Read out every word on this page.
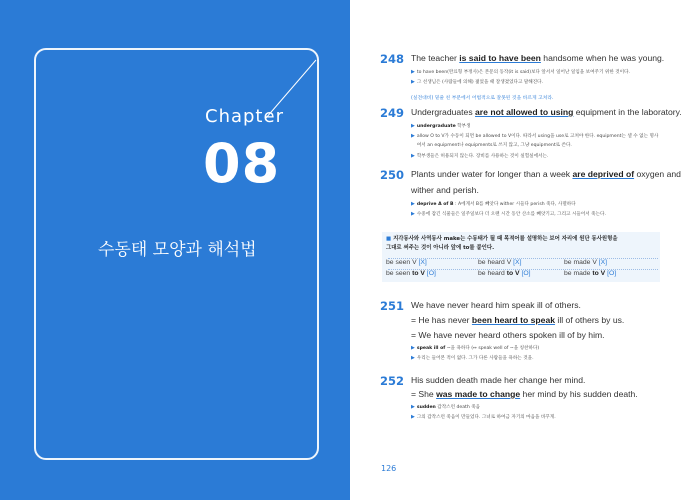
Chapter
08
수동태 모양과 해석법
248 The teacher is said to have been handsome when he was young.
▶ to have been(완료형 부정사)은 본문의 동작(it is said)보다 앞서서 일어난 일임을 보여주기 위한 것이다.
▶ 그 선생님은 (사람들에 의해) 젊었을 때 잘생겼었다고 말해진다.
(실전대비) 밑줄 친 부분에서 어법적으로 잘못된 것을 바르게 고쳐라.
249 Undergraduates are not allowed to using equipment in the laboratory.
▶ undergraduate 학부생
▶ allow O to V가 수동이 되면 be allowed to V이다. 따라서 using을 use로 고쳐야 한다. equipment는 셀 수 없는 명사
여서 an equipment나 equipments로 쓰지 않고, 그냥 equipment로 쓴다.
▶ 학부생들은 허용되지 않는다. 장비를 사용하는 것이 실험실에서는.
250 Plants under water for longer than a week are deprived of oxygen and
wither and perish.
▶ deprive A of B : A에게서 B를 빼앗다 wither 시들다 perish 죽다, 사멸하다
▶ 수중에 잠긴 식물들은 일주일보다 더 오랜 시간 동안 산소를 빼앗기고, 그리고 시들어서 죽는다.
251 We have never heard him speak ill of others.
= He has never been heard to speak ill of others by us.
= We have never heard others spoken ill of by him.
▶ speak ill of ~을 욕하다 (↔ speak well of ~을 칭찬하다)
▶ 우리는 들어본 적이 없다. 그가 다른 사람들을 욕하는 것을.
252 His sudden death made her change her mind.
= She was made to change her mind by his sudden death.
▶ sudden 갑작스런 death 죽음
▶ 그의 갑작스런 죽음이 만들었다. 그녀로 하여금 자기의 마음을 바꾸게.
■ 지각동사와 사역동사 make는 수동태가 될 때 목적어를 설명하는 보어 자리에 원단 동사원형을
그대로 써주는 것이 아니라 앞에 to를 붙인다.
be seen V [X]	be heard V [X]	be made V [X]
be seen to V [O]	be heard to V [O]	be made to V [O]
126
